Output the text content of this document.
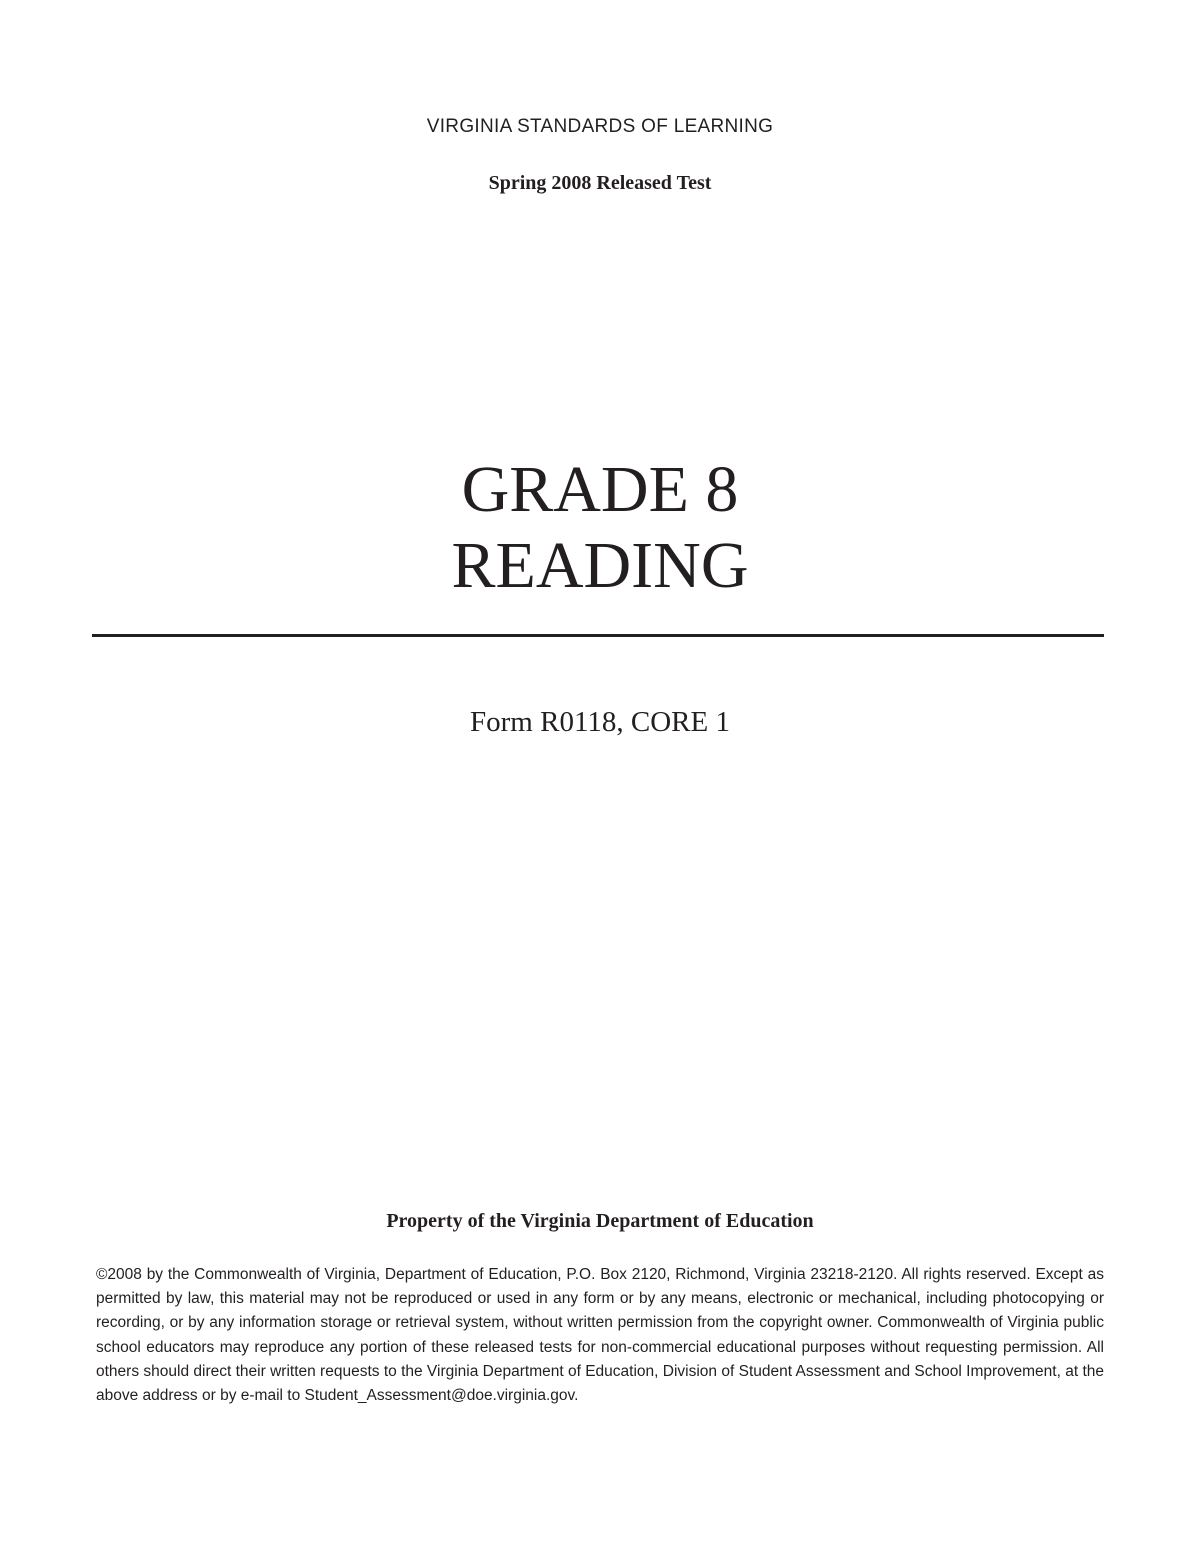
VIRGINIA STANDARDS OF LEARNING
Spring 2008 Released Test
GRADE 8
READING
Form R0118, CORE 1
Property of the Virginia Department of Education
©2008 by the Commonwealth of Virginia, Department of Education, P.O. Box 2120, Richmond, Virginia 23218-2120. All rights reserved. Except as permitted by law, this material may not be reproduced or used in any form or by any means, electronic or mechanical, including photocopying or recording, or by any information storage or retrieval system, without written permission from the copyright owner. Commonwealth of Virginia public school educators may reproduce any portion of these released tests for non-commercial educational purposes without requesting permission. All others should direct their written requests to the Virginia Department of Education, Division of Student Assessment and School Improvement, at the above address or by e-mail to Student_Assessment@doe.virginia.gov.
